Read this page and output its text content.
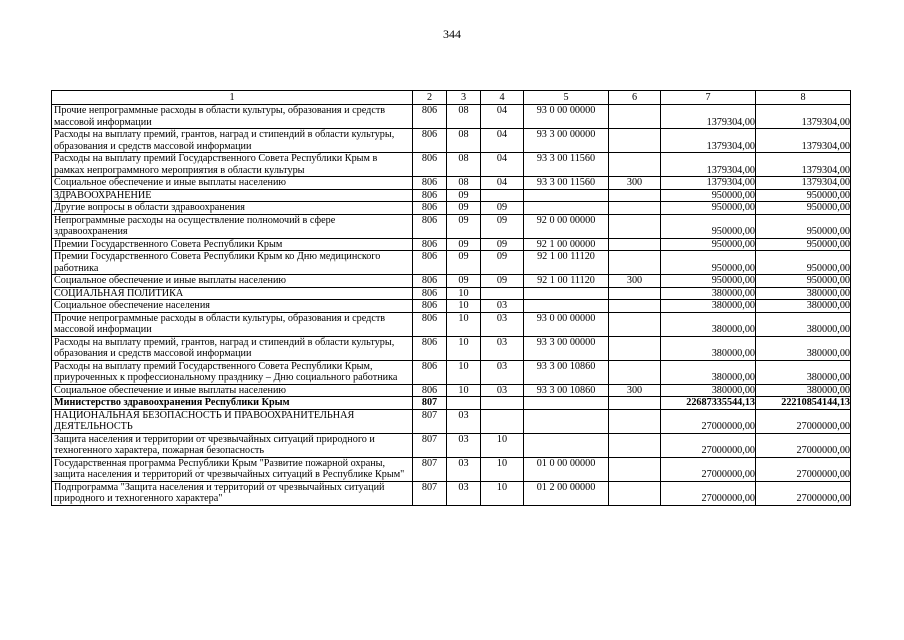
344
1	2	3	4	5	6	7	8
Прочие непрограммные расходы в области культуры, образования и средств массовой информации	806	08	04	93 0 00 00000		1379304,00	1379304,00
Расходы на выплату премий, грантов, наград и стипендий в области культуры, образования и средств массовой информации	806	08	04	93 3 00 00000		1379304,00	1379304,00
Расходы на выплату премий Государственного Совета Республики Крым в рамках непрограммного мероприятия в области культуры	806	08	04	93 3 00 11560		1379304,00	1379304,00
Социальное обеспечение и иные выплаты населению	806	08	04	93 3 00 11560	300	1379304,00	1379304,00
ЗДРАВООХРАНЕНИЕ	806	09				950000,00	950000,00
Другие вопросы в области здравоохранения	806	09	09			950000,00	950000,00
Непрограммные расходы на осуществление полномочий в сфере здравоохранения	806	09	09	92 0 00 00000		950000,00	950000,00
Премии Государственного Совета Республики Крым	806	09	09	92 1 00 00000		950000,00	950000,00
Премии Государственного Совета Республики Крым ко Дню медицинского работника	806	09	09	92 1 00 11120		950000,00	950000,00
Социальное обеспечение и иные выплаты населению	806	09	09	92 1 00 11120	300	950000,00	950000,00
СОЦИАЛЬНАЯ ПОЛИТИКА	806	10				380000,00	380000,00
Социальное обеспечение населения	806	10	03			380000,00	380000,00
Прочие непрограммные расходы в области культуры, образования и средств массовой информации	806	10	03	93 0 00 00000		380000,00	380000,00
Расходы на выплату премий, грантов, наград и стипендий в области культуры, образования и средств массовой информации	806	10	03	93 3 00 00000		380000,00	380000,00
Расходы на выплату премий Государственного Совета Республики Крым, приуроченных к профессиональному празднику – Дню социального работника	806	10	03	93 3 00 10860		380000,00	380000,00
Социальное обеспечение и иные выплаты населению	806	10	03	93 3 00 10860	300	380000,00	380000,00
Министерство здравоохранения Республики Крым	807					22687335544,13	22210854144,13
НАЦИОНАЛЬНАЯ БЕЗОПАСНОСТЬ И ПРАВООХРАНИТЕЛЬНАЯ ДЕЯТЕЛЬНОСТЬ	807	03				27000000,00	27000000,00
Защита населения и территории от чрезвычайных ситуаций природного и техногенного характера, пожарная безопасность	807	03	10			27000000,00	27000000,00
Государственная программа Республики Крым "Развитие пожарной охраны, защита населения и территорий от чрезвычайных ситуаций в Республике Крым"	807	03	10	01 0 00 00000		27000000,00	27000000,00
Подпрограмма "Защита населения и территорий от чрезвычайных ситуаций природного и техногенного характера"	807	03	10	01 2 00 00000		27000000,00	27000000,00
